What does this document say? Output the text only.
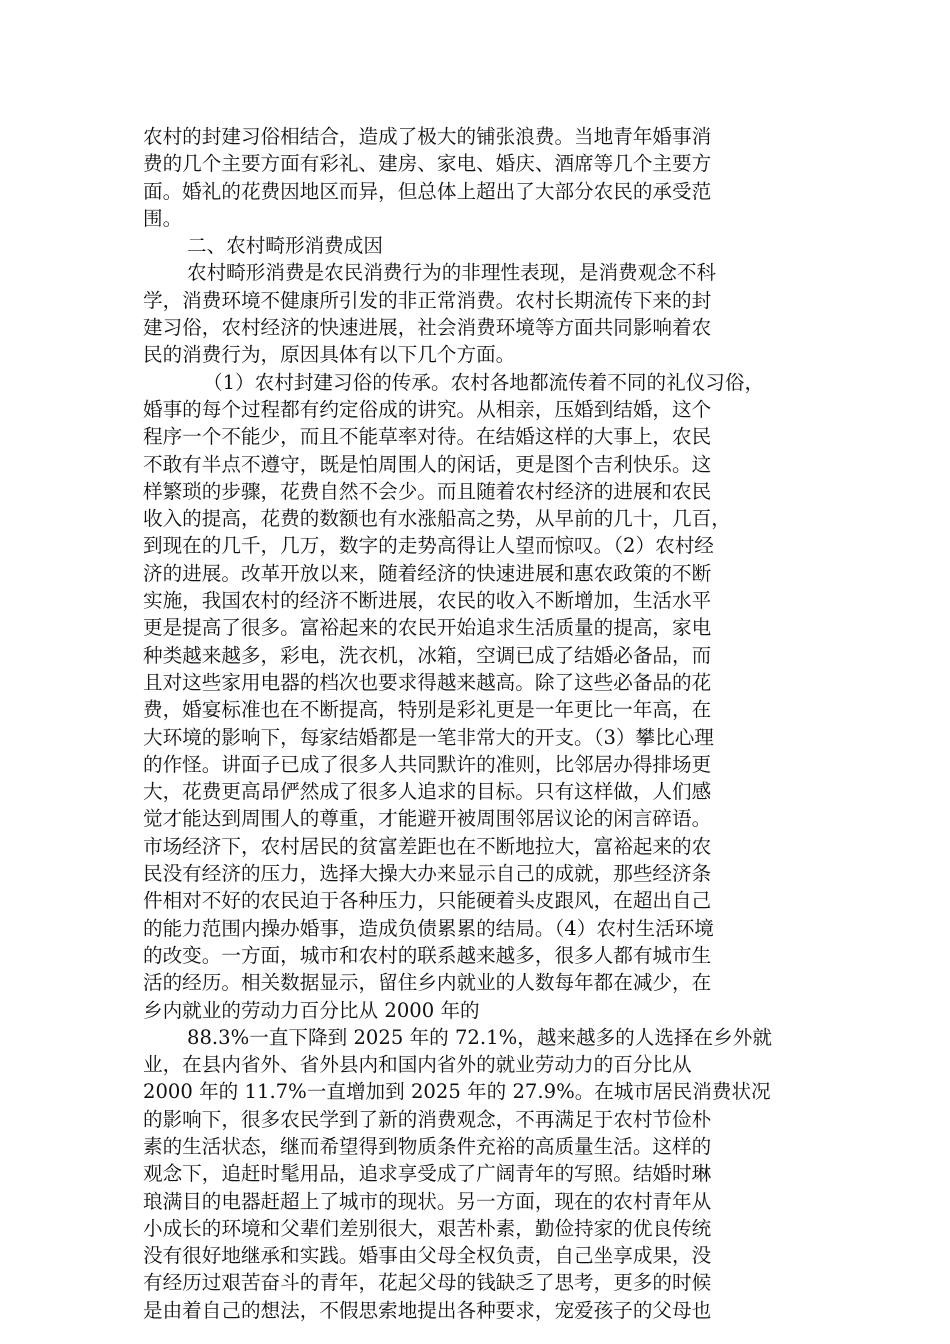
农村的封建习俗相结合，造成了极大的铺张浪费。当地青年婚事消
费的几个主要方面有彩礼、建房、家电、婚庆、酒席等几个主要方
面。婚礼的花费因地区而异，但总体上超出了大部分农民的承受范
围。
二、农村畸形消费成因
农村畸形消费是农民消费行为的非理性表现，是消费观念不科
学，消费环境不健康所引发的非正常消费。农村长期流传下来的封
建习俗，农村经济的快速进展，社会消费环境等方面共同影响着农
民的消费行为，原因具体有以下几个方面。
（1）农村封建习俗的传承。农村各地都流传着不同的礼仪习俗，
婚事的每个过程都有约定俗成的讲究。从相亲，压婚到结婚，这个
程序一个不能少，而且不能草率对待。在结婚这样的大事上，农民
不敢有半点不遵守，既是怕周围人的闲话，更是图个吉利快乐。这
样繁琐的步骤，花费自然不会少。而且随着农村经济的进展和农民
收入的提高，花费的数额也有水涨船高之势，从早前的几十，几百，
到现在的几千，几万，数字的走势高得让人望而惊叹。（2）农村经
济的进展。改革开放以来，随着经济的快速进展和惠农政策的不断
实施，我国农村的经济不断进展，农民的收入不断增加，生活水平
更是提高了很多。富裕起来的农民开始追求生活质量的提高，家电
种类越来越多，彩电，洗衣机，冰箱，空调已成了结婚必备品，而
且对这些家用电器的档次也要求得越来越高。除了这些必备品的花
费，婚宴标准也在不断提高，特别是彩礼更是一年更比一年高，在
大环境的影响下，每家结婚都是一笔非常大的开支。（3）攀比心理
的作怪。讲面子已成了很多人共同默许的准则，比邻居办得排场更
大，花费更高昂俨然成了很多人追求的目标。只有这样做，人们感
觉才能达到周围人的尊重，才能避开被周围邻居议论的闲言碎语。
市场经济下，农村居民的贫富差距也在不断地拉大，富裕起来的农
民没有经济的压力，选择大操大办来显示自己的成就，那些经济条
件相对不好的农民迫于各种压力，只能硬着头皮跟风，在超出自己
的能力范围内操办婚事，造成负债累累的结局。（4）农村生活环境
的改变。一方面，城市和农村的联系越来越多，很多人都有城市生
活的经历。相关数据显示，留住乡内就业的人数每年都在减少，在
乡内就业的劳动力百分比从 2000 年的
88.3%一直下降到 2025 年的 72.1%，越来越多的人选择在乡外就
业，在县内省外、省外县内和国内省外的就业劳动力的百分比从
2000 年的 11.7%一直增加到 2025 年的 27.9%。在城市居民消费状况
的影响下，很多农民学到了新的消费观念，不再满足于农村节俭朴
素的生活状态，继而希望得到物质条件充裕的高质量生活。这样的
观念下，追赶时髦用品，追求享受成了广阔青年的写照。结婚时琳
琅满目的电器赶超上了城市的现状。另一方面，现在的农村青年从
小成长的环境和父辈们差别很大，艰苦朴素，勤俭持家的优良传统
没有很好地继承和实践。婚事由父母全权负责，自己坐享成果，没
有经历过艰苦奋斗的青年，花起父母的钱缺乏了思考，更多的时候
是由着自己的想法，不假思索地提出各种要求，宠爱孩子的父母也
